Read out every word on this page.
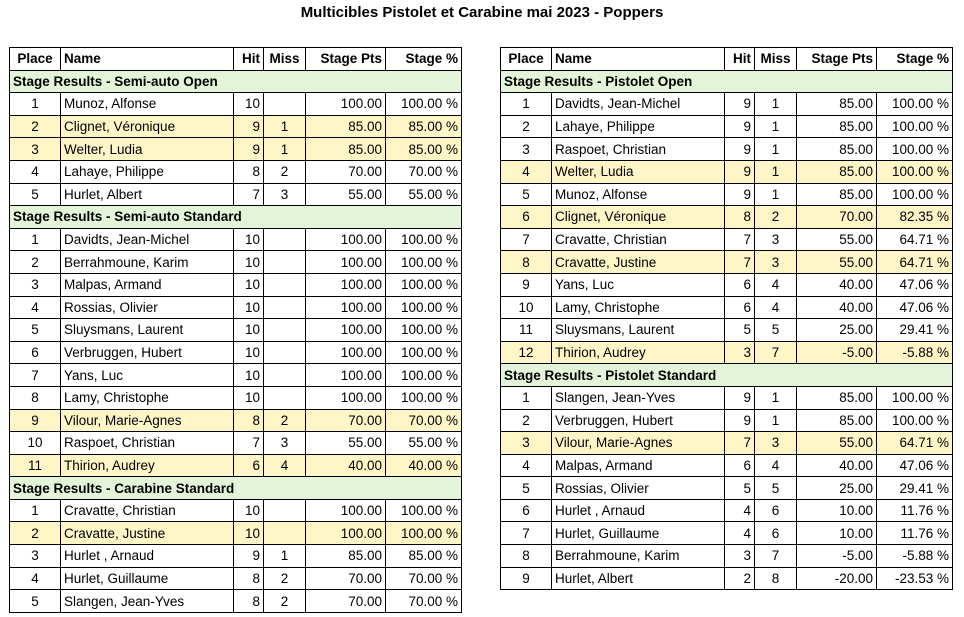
Multicibles Pistolet et Carabine mai 2023 - Poppers
Place	Name	Hit	Miss	Stage Pts	Stage %
Stage Results - Semi-auto Open					
1	Munoz, Alfonse	10		100.00	100.00 %
2	Clignet, Véronique	9	1	85.00	85.00 %
3	Welter, Ludia	9	1	85.00	85.00 %
4	Lahaye, Philippe	8	2	70.00	70.00 %
5	Hurlet, Albert	7	3	55.00	55.00 %
Stage Results - Semi-auto Standard					
1	Davidts, Jean-Michel	10		100.00	100.00 %
2	Berrahmoune, Karim	10		100.00	100.00 %
3	Malpas, Armand	10		100.00	100.00 %
4	Rossias, Olivier	10		100.00	100.00 %
5	Sluysmans, Laurent	10		100.00	100.00 %
6	Verbruggen, Hubert	10		100.00	100.00 %
7	Yans, Luc	10		100.00	100.00 %
8	Lamy, Christophe	10		100.00	100.00 %
9	Vilour, Marie-Agnes	8	2	70.00	70.00 %
10	Raspoet, Christian	7	3	55.00	55.00 %
11	Thirion, Audrey	6	4	40.00	40.00 %
Stage Results - Carabine Standard					
1	Cravatte, Christian	10		100.00	100.00 %
2	Cravatte, Justine	10		100.00	100.00 %
3	Hurlet , Arnaud	9	1	85.00	85.00 %
4	Hurlet, Guillaume	8	2	70.00	70.00 %
5	Slangen, Jean-Yves	8	2	70.00	70.00 %
Place	Name	Hit	Miss	Stage Pts	Stage %
Stage Results - Pistolet Open					
1	Davidts, Jean-Michel	9	1	85.00	100.00 %
2	Lahaye, Philippe	9	1	85.00	100.00 %
3	Raspoet, Christian	9	1	85.00	100.00 %
4	Welter, Ludia	9	1	85.00	100.00 %
5	Munoz, Alfonse	9	1	85.00	100.00 %
6	Clignet, Véronique	8	2	70.00	82.35 %
7	Cravatte, Christian	7	3	55.00	64.71 %
8	Cravatte, Justine	7	3	55.00	64.71 %
9	Yans, Luc	6	4	40.00	47.06 %
10	Lamy, Christophe	6	4	40.00	47.06 %
11	Sluysmans, Laurent	5	5	25.00	29.41 %
12	Thirion, Audrey	3	7	-5.00	-5.88 %
Stage Results - Pistolet Standard					
1	Slangen, Jean-Yves	9	1	85.00	100.00 %
2	Verbruggen, Hubert	9	1	85.00	100.00 %
3	Vilour, Marie-Agnes	7	3	55.00	64.71 %
4	Malpas, Armand	6	4	40.00	47.06 %
5	Rossias, Olivier	5	5	25.00	29.41 %
6	Hurlet , Arnaud	4	6	10.00	11.76 %
7	Hurlet, Guillaume	4	6	10.00	11.76 %
8	Berrahmoune, Karim	3	7	-5.00	-5.88 %
9	Hurlet, Albert	2	8	-20.00	-23.53 %
